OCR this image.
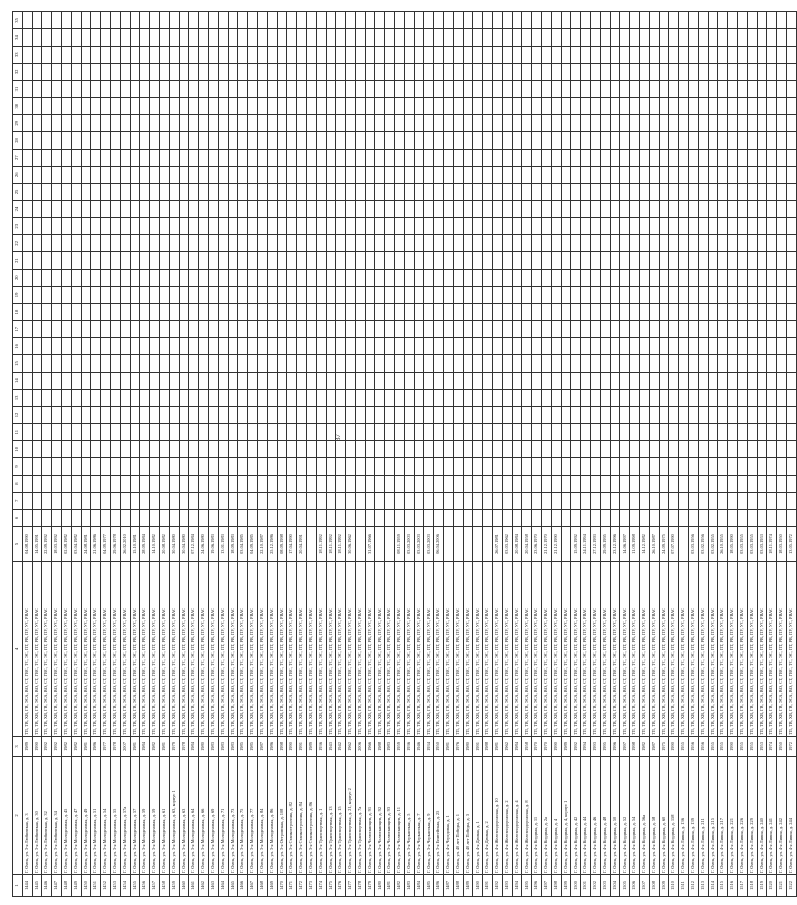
37
1	2	3	4	5	6	7	8	9	10	11	12	13	14	15	16	17	18	19	20	21	22	23	24	25	26	27	28	29	30	31	32	33	34	35
1444	Г. Омск, ул. 3-я Любинская, д. 3	1989	ТП, ТВ, ХВ, ГВ, ЭСА, ВО, СТ, ГВС, ТС, ЭС, ПТ, РВ, ПУ, УС, РВАС	04.08.1990																														
1445	Г. Омск, ул. 3-я Любинская, д. 30	1990	ТП, ТВ, ХВ, ГВ, ЭСА, ВО, СТ, ГВС, ТС, ЭС, ПТ, РВ, ПУ, УС, РВАС	14.05.1991																														
1446	Г. Омск, ул. 3-я Любинская, д. 32	1992	ТП, ТВ, ХВ, ГВ, ЭСА, ВО, СТ, ГВС, ТС, ЭС, ПТ, РВ, ПУ, УС, РВАС	22.09.1992																														
1447	Г. Омск, ул. 3-я Любинская, д. 34	1992	ТП, ТВ, ХВ, ГВ, ЭСА, ВО, СТ, ГВС, ТС, ЭС, ПТ, РВ, ПУ, УС, РВАС	18.03.1992																														
1448	Г. Омск, ул. 3-я Молодежная, д. 45	1982	ТП, ТВ, ХВ, ГВ, ЭСА, ВО, СТ, ГВС, ТС, ЭС, ПТ, РВ, ПУ, УС, РВАС	02.08.1982																														
1449	Г. Омск, ул. 3-я Молодежная, д. 47	1982	ТП, ТВ, ХВ, ГВ, ЭСА, ВО, СТ, ГВС, ТС, ЭС, ПТ, РВ, ПУ, УС, РВАС	03.04.1982																														
1450	Г. Омск, ул. 3-я Молодежная, д. 49	1981	ТП, ТВ, ХВ, ГВ, ЭСА, ВО, СТ, ГВС, ТС, ЭС, ПТ, РВ, ПУ, УС, РВАС	24.08.1981																														
1451	Г. Омск, ул. 3-я Молодежная, д. 51	1986	ТП, ТВ, ХВ, ГВ, ЭСА, ВО, СТ, ГВС, ТС, ЭС, ПТ, РВ, ПУ, УС, РВАС	21.06.1986																														
1452	Г. Омск, ул. 3-я Молодежная, д. 54	1977	ТП, ТВ, ХВ, ГВ, ЭСА, ВО, СТ, ГВС, ТС, ЭС, ПТ, РВ, ПУ, УС, РВАС	04.09.1977																														
1453	Г. Омск, ул. 3-я Молодежная, д. 55	1978	ТП, ТВ, ХВ, ГВ, ЭСА, ВО, СТ, ГВС, ТС, ЭС, ПТ, РВ, ПУ, УС, РВАС	29.06.1978																														
1454	Г. Омск, ул. 3-я Молодежная, д. 57а	2007	ТП, ТВ, ХВ, ГВ, ЭСА, ВО, СТ, ГВС, ТС, ЭС, ПТ, РВ, ПУ, УС, РВАС	26.02.2010																														
1455	Г. Омск, ул. 3-я Молодежная, д. 57	1981	ТП, ТВ, ХВ, ГВ, ЭСА, ВО, СТ, ГВС, ТС, ЭС, ПТ, РВ, ПУ, УС, РВАС	15.10.1981																														
1456	Г. Омск, ул. 3-я Молодежная, д. 59	1984	ТП, ТВ, ХВ, ГВ, ЭСА, ВО, СТ, ГВС, ТС, ЭС, ПТ, РВ, ПУ, УС, РВАС	28.09.1984																														
1457	Г. Омск, ул. 3-я Молодежная, д. 59	1982	ТП, ТВ, ХВ, ГВ, ЭСА, ВО, СТ, ГВС, ТС, ЭС, ПТ, РВ, ПУ, УС, РВАС	14.10.1982																														
1458	Г. Омск, ул. 3-я Молодежная, д. 61	1981	ТП, ТВ, ХВ, ГВ, ЭСА, ВО, СТ, ГВС, ТС, ЭС, ПТ, РВ, ПУ, УС, РВАС	20.08.1982																														
1459	Г. Омск, ул. 3-я Молодежная, д. 63, корпус 1	1979	ТП, ТВ, ХВ, ГВ, ЭСА, ВО, СТ, ГВС, ТС, ЭС, ПТ, РВ, ПУ, УС, РВАС	30.04.1980																														
1460	Г. Омск, ул. 3-я Молодежная, д. 63	1978	ТП, ТВ, ХВ, ГВ, ЭСА, ВО, СТ, ГВС, ТС, ЭС, ПТ, РВ, ПУ, УС, РВАС	30.04.1980																														
1461	Г. Омск, ул. 3-я Молодежная, д. 64	1984	ТП, ТВ, ХВ, ГВ, ЭСА, ВО, СТ, ГВС, ТС, ЭС, ПТ, РВ, ПУ, УС, РВАС	07.12.1984																														
1462	Г. Омск, ул. 3-я Молодежная, д. 66	1980	ТП, ТВ, ХВ, ГВ, ЭСА, ВО, СТ, ГВС, ТС, ЭС, ПТ, РВ, ПУ, УС, РВАС	24.06.1980																														
1463	Г. Омск, ул. 3-я Молодежная, д. 69	1983	ТП, ТВ, ХВ, ГВ, ЭСА, ВО, СТ, ГВС, ТС, ЭС, ПТ, РВ, ПУ, УС, РВАС	19.06.1983																														
1464	Г. Омск, ул. 3-я Молодежная, д. 71	1983	ТП, ТВ, ХВ, ГВ, ЭСА, ВО, СТ, ГВС, ТС, ЭС, ПТ, РВ, ПУ, УС, РВАС	13.01.1983																														
1465	Г. Омск, ул. 3-я Молодежная, д. 73	1983	ТП, ТВ, ХВ, ГВ, ЭСА, ВО, СТ, ГВС, ТС, ЭС, ПТ, РВ, ПУ, УС, РВАС	18.09.1983																														
1466	Г. Омск, ул. 3-я Молодежная, д. 75	1985	ТП, ТВ, ХВ, ГВ, ЭСА, ВО, СТ, ГВС, ТС, ЭС, ПТ, РВ, ПУ, УС, РВАС	03.04.1985																														
1467	Г. Омск, ул. 3-я Молодежная, д. 77	1985	ТП, ТВ, ХВ, ГВ, ЭСА, ВО, СТ, ГВС, ТС, ЭС, ПТ, РВ, ПУ, УС, РВАС	04.09.1985																														
1468	Г. Омск, ул. 3-я Молодежная, д. 84	1987	ТП, ТВ, ХВ, ГВ, ЭСА, ВО, СТ, ГВС, ТС, ЭС, ПТ, РВ, ПУ, УС, РВАС	22.10.1987																														
1469	Г. Омск, ул. 3-я Молодежная, д. 86	1986	ТП, ТВ, ХВ, ГВ, ЭСА, ВО, СТ, ГВС, ТС, ЭС, ПТ, РВ, ПУ, УС, РВАС	25.12.1986																														
1470	Г. Омск, ул. 3-я Островская, д. 108	1998	ТП, ТВ, ХВ, ГВ, ЭСА, ВО, СТ, ГВС, ТС, ЭС, ПТ, РВ, ПУ, УС, РВАС	08.09.1998																														
1471	Г. Омск, ул. 3-я Станкостроения, д. 82	1990	ТП, ТВ, ХВ, ГВ, ЭСА, ВО, СТ, ГВС, ТС, ЭС, ПТ, РВ, ПУ, УС, РВАС	17.04.1990																														
1472	Г. Омск, ул. 3-я Станкостроения, д. 84	1991	ТП, ТВ, ХВ, ГВ, ЭСА, ВО, СТ, ГВС, ТС, ЭС, ПТ, РВ, ПУ, УС, РВАС	20.04.1991																														
1473	Г. Омск, ул. 3-я Станкостроения, д. 86	1989	ТП, ТВ, ХВ, ГВ, ЭСА, ВО, СТ, ГВС, ТС, ЭС, ПТ, РВ, ПУ, УС, РВАС																															
1474	Г. Омск, ул. 3-я Транспортная, д. 1	1936	ТП, ТВ, ХВ, ГВ, ЭСА, ВО, СТ, ГВС, ТС, ЭС, ПТ, РВ, ПУ, УС, РВАС	18.11.1992																														
1475	Г. Омск, ул. 3-я Транспортная, д. 13	1943	ТП, ТВ, ХВ, ГВ, ЭСА, ВО, СТ, ГВС, ТС, ЭС, ПТ, РВ, ПУ, УС, РВАС	18.11.1992																														
1476	Г. Омск, ул. 3-я Транспортная, д. 15	1942	ТП, ТВ, ХВ, ГВ, ЭСА, ВО, СТ, ГВС, ТС, ЭС, ПТ, РВ, ПУ, УС, РВАС	18.11.1992																														
1477	Г. Омск, ул. 3-я Транспортная, д. 21, корпус 2	1962	ТП, ТВ, ХВ, ГВ, ЭСА, ВО, СТ, ГВС, ТС, ЭС, ПТ, РВ, ПУ, УС, РВАС	30.06.1962																														
1478	Г. Омск, ул. 3-я Транспортная, д. 7а	2006	ТП, ТВ, ХВ, ГВ, ЭСА, ВО, СТ, ГВС, ТС, ЭС, ПТ, РВ, ПУ, УС, РВАС																															
1479	Г. Омск, ул. 3-я Челюскинцев, д. 91	1966	ТП, ТВ, ХВ, ГВ, ЭСА, ВО, СТ, ГВС, ТС, ЭС, ПТ, РВ, ПУ, УС, РВАС	31.07.1966																														
1480	Г. Омск, ул. 3-я Челюскинцев, д. 92	1988	ТП, ТВ, ХВ, ГВ, ЭСА, ВО, СТ, ГВС, ТС, ЭС, ПТ, РВ, ПУ, УС, РВАС																															
1481	Г. Омск, ул. 3-я Челюскинцев, д. 93	1983	ТП, ТВ, ХВ, ГВ, ЭСА, ВО, СТ, ГВС, ТС, ЭС, ПТ, РВ, ПУ, УС, РВАС																															
1482	Г. Омск, ул. 3-я Челюскинцев, д. 11	1959	ТП, ТВ, ХВ, ГВ, ЭСА, ВО, СТ, ГВС, ТС, ЭС, ПТ, РВ, ПУ, УС, РВАС	08.11.1959																														
1483	Г. Омск, ул. 3-я Черкасская, д. 5	1936	ТП, ТВ, ХВ, ГВ, ЭСА, ВО, СТ, ГВС, ТС, ЭС, ПТ, РВ, ПУ, УС, РВАС	03.03.2003																														
1484	Г. Омск, ул. 3-я Черкасская, д. 7	1946	ТП, ТВ, ХВ, ГВ, ЭСА, ВО, СТ, ГВС, ТС, ЭС, ПТ, РВ, ПУ, УС, РВАС	03.03.2003																														
1485	Г. Омск, ул. 3-я Черкасская, д. 9	1934	ТП, ТВ, ХВ, ГВ, ЭСА, ВО, СТ, ГВС, ТС, ЭС, ПТ, РВ, ПУ, УС, РВАС	03.03.2003																														
1486	Г. Омск, ул. 3-я Енисейская, д. 25	1950	ТП, ТВ, ХВ, ГВ, ЭСА, ВО, СТ, ГВС, ТС, ЭС, ПТ, РВ, ПУ, УС, РВАС	06.04.2006																														
1487	Г. Омск, ул. 4-я Чередовая, д. 1	1981	ТП, ТВ, ХВ, ГВ, ЭСА, ВО, СТ, ГВС, ТС, ЭС, ПТ, РВ, ПУ, УС, РВАС																															
1488	Г. Омск, ул. 40 лет Победы, д. 1	1976	ТП, ТВ, ХВ, ГВ, ЭСА, ВО, СТ, ГВС, ТС, ЭС, ПТ, РВ, ПУ, УС, РВАС																															
1489	Г. Омск, ул. 40 лет Победы, д. 3	1980	ТП, ТВ, ХВ, ГВ, ЭСА, ВО, СТ, ГВС, ТС, ЭС, ПТ, РВ, ПУ, УС, РВАС																															
1490	Г. Омск, ул. 4-я Дачная, д. 1	1991	ТП, ТВ, ХВ, ГВ, ЭСА, ВО, СТ, ГВС, ТС, ЭС, ПТ, РВ, ПУ, УС, РВАС																															
1491	Г. Омск, ул. 4-я Дачная, д. 2	1988	ТП, ТВ, ХВ, ГВ, ЭСА, ВО, СТ, ГВС, ТС, ЭС, ПТ, РВ, ПУ, УС, РВАС																															
1492	Г. Омск, ул. 4-я Железнодорожная, д. 10	1981	ТП, ТВ, ХВ, ГВ, ЭСА, ВО, СТ, ГВС, ТС, ЭС, ПТ, РВ, ПУ, УС, РВАС	26.07.1981																														
1493	Г. Омск, ул. 4-я Железнодорожная, д. 2	1962	ТП, ТВ, ХВ, ГВ, ЭСА, ВО, СТ, ГВС, ТС, ЭС, ПТ, РВ, ПУ, УС, РВАС	03.03.1962																														
1494	Г. Омск, ул. 4-я Железнодорожная, д. 4	1984	ТП, ТВ, ХВ, ГВ, ЭСА, ВО, СТ, ГВС, ТС, ЭС, ПТ, РВ, ПУ, УС, РВАС	20.08.1984																														
1495	Г. Омск, ул. 4-я Железнодорожная, д. 8	1958	ТП, ТВ, ХВ, ГВ, ЭСА, ВО, СТ, ГВС, ТС, ЭС, ПТ, РВ, ПУ, УС, РВАС	20.04.1958																														
1496	Г. Омск, ул. 4-я Кордная, д. 11	1970	ТП, ТВ, ХВ, ГВ, ЭСА, ВО, СТ, ГВС, ТС, ЭС, ПТ, РВ, ПУ, УС, РВАС	23.06.1970																														
1497	Г. Омск, ул. 4-я Кордная, д. 2а	1970	ТП, ТВ, ХВ, ГВ, ЭСА, ВО, СТ, ГВС, ТС, ЭС, ПТ, РВ, ПУ, УС, РВАС	21.12.1970																														
1498	Г. Омск, ул. 4-я Кордная, д. 4	1990	ТП, ТВ, ХВ, ГВ, ЭСА, ВО, СТ, ГВС, ТС, ЭС, ПТ, РВ, ПУ, УС, РВАС	21.12.1990																														
1499	Г. Омск, ул. 4-я Кордная, д. 4, корпус 1	1989	ТП, ТВ, ХВ, ГВ, ЭСА, ВО, СТ, ГВС, ТС, ЭС, ПТ, РВ, ПУ, УС, РВАС																															
1500	Г. Омск, ул. 4-я Кордная, д. 42	1992	ТП, ТВ, ХВ, ГВ, ЭСА, ВО, СТ, ГВС, ТС, ЭС, ПТ, РВ, ПУ, УС, РВАС	15.09.1992																														
1501	Г. Омск, ул. 4-я Кордная, д. 44	1994	ТП, ТВ, ХВ, ГВ, ЭСА, ВО, СТ, ГВС, ТС, ЭС, ПТ, РВ, ПУ, УС, РВАС	24.11.1994																														
1502	Г. Омск, ул. 4-я Кордная, д. 46	1993	ТП, ТВ, ХВ, ГВ, ЭСА, ВО, СТ, ГВС, ТС, ЭС, ПТ, РВ, ПУ, УС, РВАС	27.12.1993																														
1503	Г. Омск, ул. 4-я Кордная, д. 48	1995	ТП, ТВ, ХВ, ГВ, ЭСА, ВО, СТ, ГВС, ТС, ЭС, ПТ, РВ, ПУ, УС, РВАС	29.09.1995																														
1504	Г. Омск, ул. 4-я Кордная, д. 50	1996	ТП, ТВ, ХВ, ГВ, ЭСА, ВО, СТ, ГВС, ТС, ЭС, ПТ, РВ, ПУ, УС, РВАС	23.12.1996																														
1505	Г. Омск, ул. 4-я Кордная, д. 52	1997	ТП, ТВ, ХВ, ГВ, ЭСА, ВО, СТ, ГВС, ТС, ЭС, ПТ, РВ, ПУ, УС, РВАС	14.06.1997																														
1506	Г. Омск, ул. 4-я Кордная, д. 54	1998	ТП, ТВ, ХВ, ГВ, ЭСА, ВО, СТ, ГВС, ТС, ЭС, ПТ, РВ, ПУ, УС, РВАС	11.09.1998																														
1507	Г. Омск, ул. 4-я Кордная, д. 56а	1982	ТП, ТВ, ХВ, ГВ, ЭСА, ВО, СТ, ГВС, ТС, ЭС, ПТ, РВ, ПУ, УС, РВАС	14.12.1982																														
1508	Г. Омск, ул. 4-я Кордная, д. 58	1987	ТП, ТВ, ХВ, ГВ, ЭСА, ВО, СТ, ГВС, ТС, ЭС, ПТ, РВ, ПУ, УС, РВАС	26.10.1987																														
1509	Г. Омск, ул. 4-я Кордная, д. 60	1975	ТП, ТВ, ХВ, ГВ, ЭСА, ВО, СТ, ГВС, ТС, ЭС, ПТ, РВ, ПУ, УС, РВАС	24.09.1975																														
1510	Г. Омск, ул. 4-я Кордная, д. 158	1990	ТП, ТВ, ХВ, ГВ, ЭСА, ВО, СТ, ГВС, ТС, ЭС, ПТ, РВ, ПУ, УС, РВАС	07.07.1990																														
1511	Г. Омск, ул. 4-я Линия, д. 136	1955	ТП, ТВ, ХВ, ГВ, ЭСА, ВО, СТ, ГВС, ТС, ЭС, ПТ, РВ, ПУ, УС, РВАС																															
1512	Г. Омск, ул. 4-я Линия, д. 139	1956	ТП, ТВ, ХВ, ГВ, ЭСА, ВО, СТ, ГВС, ТС, ЭС, ПТ, РВ, ПУ, УС, РВАС	03.03.1956																														
1513	Г. Омск, ул. 4-я Линия, д. 211	1956	ТП, ТВ, ХВ, ГВ, ЭСА, ВО, СТ, ГВС, ТС, ЭС, ПТ, РВ, ПУ, УС, РВАС	03.02.1956																														
1514	Г. Омск, ул. 4-я Линия, д. 215	1955	ТП, ТВ, ХВ, ГВ, ЭСА, ВО, СТ, ГВС, ТС, ЭС, ПТ, РВ, ПУ, УС, РВАС	03.02.1955																														
1515	Г. Омск, ул. 4-я Линия, д. 217	1955	ТП, ТВ, ХВ, ГВ, ЭСА, ВО, СТ, ГВС, ТС, ЭС, ПТ, РВ, ПУ, УС, РВАС	26.10.1955																														
1516	Г. Омск, ул. 4-я Линия, д. 221	1990	ТП, ТВ, ХВ, ГВ, ЭСА, ВО, СТ, ГВС, ТС, ЭС, ПТ, РВ, ПУ, УС, РВАС	18.05.1990																														
1517	Г. Омск, ул. 4-я Линия, д. 226	1955	ТП, ТВ, ХВ, ГВ, ЭСА, ВО, СТ, ГВС, ТС, ЭС, ПТ, РВ, ПУ, УС, РВАС	03.03.1955																														
1518	Г. Омск, ул. 4-я Линия, д. 229	1955	ТП, ТВ, ХВ, ГВ, ЭСА, ВО, СТ, ГВС, ТС, ЭС, ПТ, РВ, ПУ, УС, РВАС	03.03.1955																														
1519	Г. Омск, ул. 4-я Линия, д. 240	1953	ТП, ТВ, ХВ, ГВ, ЭСА, ВО, СТ, ГВС, ТС, ЭС, ПТ, РВ, ПУ, УС, РВАС	03.03.1953																														
1520	Г. Омск, ул. 4-я Линия, д. 241	1974	ТП, ТВ, ХВ, ГВ, ЭСА, ВО, СТ, ГВС, ТС, ЭС, ПТ, РВ, ПУ, УС, РВАС	18.11.1974																														
1521	Г. Омск, ул. 4-я Линия, д. 242	1950	ТП, ТВ, ХВ, ГВ, ЭСА, ВО, СТ, ГВС, ТС, ЭС, ПТ, РВ, ПУ, УС, РВАС	18.03.1950																														
1522	Г. Омск, ул. 4-я Линия, д. 244	1972	ТП, ТВ, ХВ, ГВ, ЭСА, ВО, СТ, ГВС, ТС, ЭС, ПТ, РВ, ПУ, УС, РВАС	13.05.1972																														
